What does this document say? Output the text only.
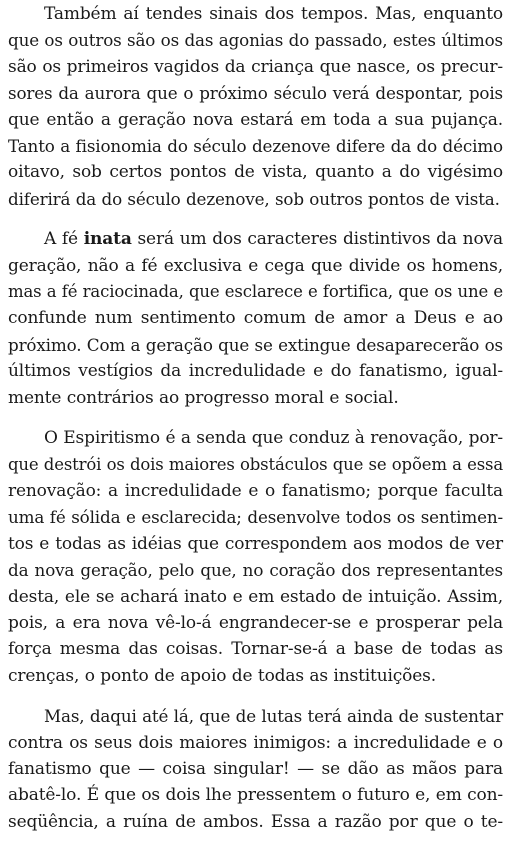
Também aí tendes sinais dos tempos. Mas, enquanto
que os outros são os das agonias do passado, estes últimos
são os primeiros vagidos da criança que nasce, os precur-
sores da aurora que o próximo século verá despontar, pois
que então a geração nova estará em toda a sua pujança.
Tanto a fisionomia do século dezenove difere da do décimo
oitavo, sob certos pontos de vista, quanto a do vigésimo
diferirá da do século dezenove, sob outros pontos de vista.
A fé inata será um dos caracteres distintivos da nova
geração, não a fé exclusiva e cega que divide os homens,
mas a fé raciocinada, que esclarece e fortifica, que os une e
confunde num sentimento comum de amor a Deus e ao
próximo. Com a geração que se extingue desaparecerão os
últimos vestígios da incredulidade e do fanatismo, igual-
mente contrários ao progresso moral e social.
O Espiritismo é a senda que conduz à renovação, por-
que destrói os dois maiores obstáculos que se opõem a essa
renovação: a incredulidade e o fanatismo; porque faculta
uma fé sólida e esclarecida; desenvolve todos os sentimen-
tos e todas as idéias que correspondem aos modos de ver
da nova geração, pelo que, no coração dos representantes
desta, ele se achará inato e em estado de intuição. Assim,
pois, a era nova vê-lo-á engrandecer-se e prosperar pela
força mesma das coisas. Tornar-se-á a base de todas as
crenças, o ponto de apoio de todas as instituições.
Mas, daqui até lá, que de lutas terá ainda de sustentar
contra os seus dois maiores inimigos: a incredulidade e o
fanatismo que — coisa singular! — se dão as mãos para
abatê-lo. É que os dois lhe pressentem o futuro e, em con-
seqüência, a ruína de ambos. Essa a razão por que o te-
